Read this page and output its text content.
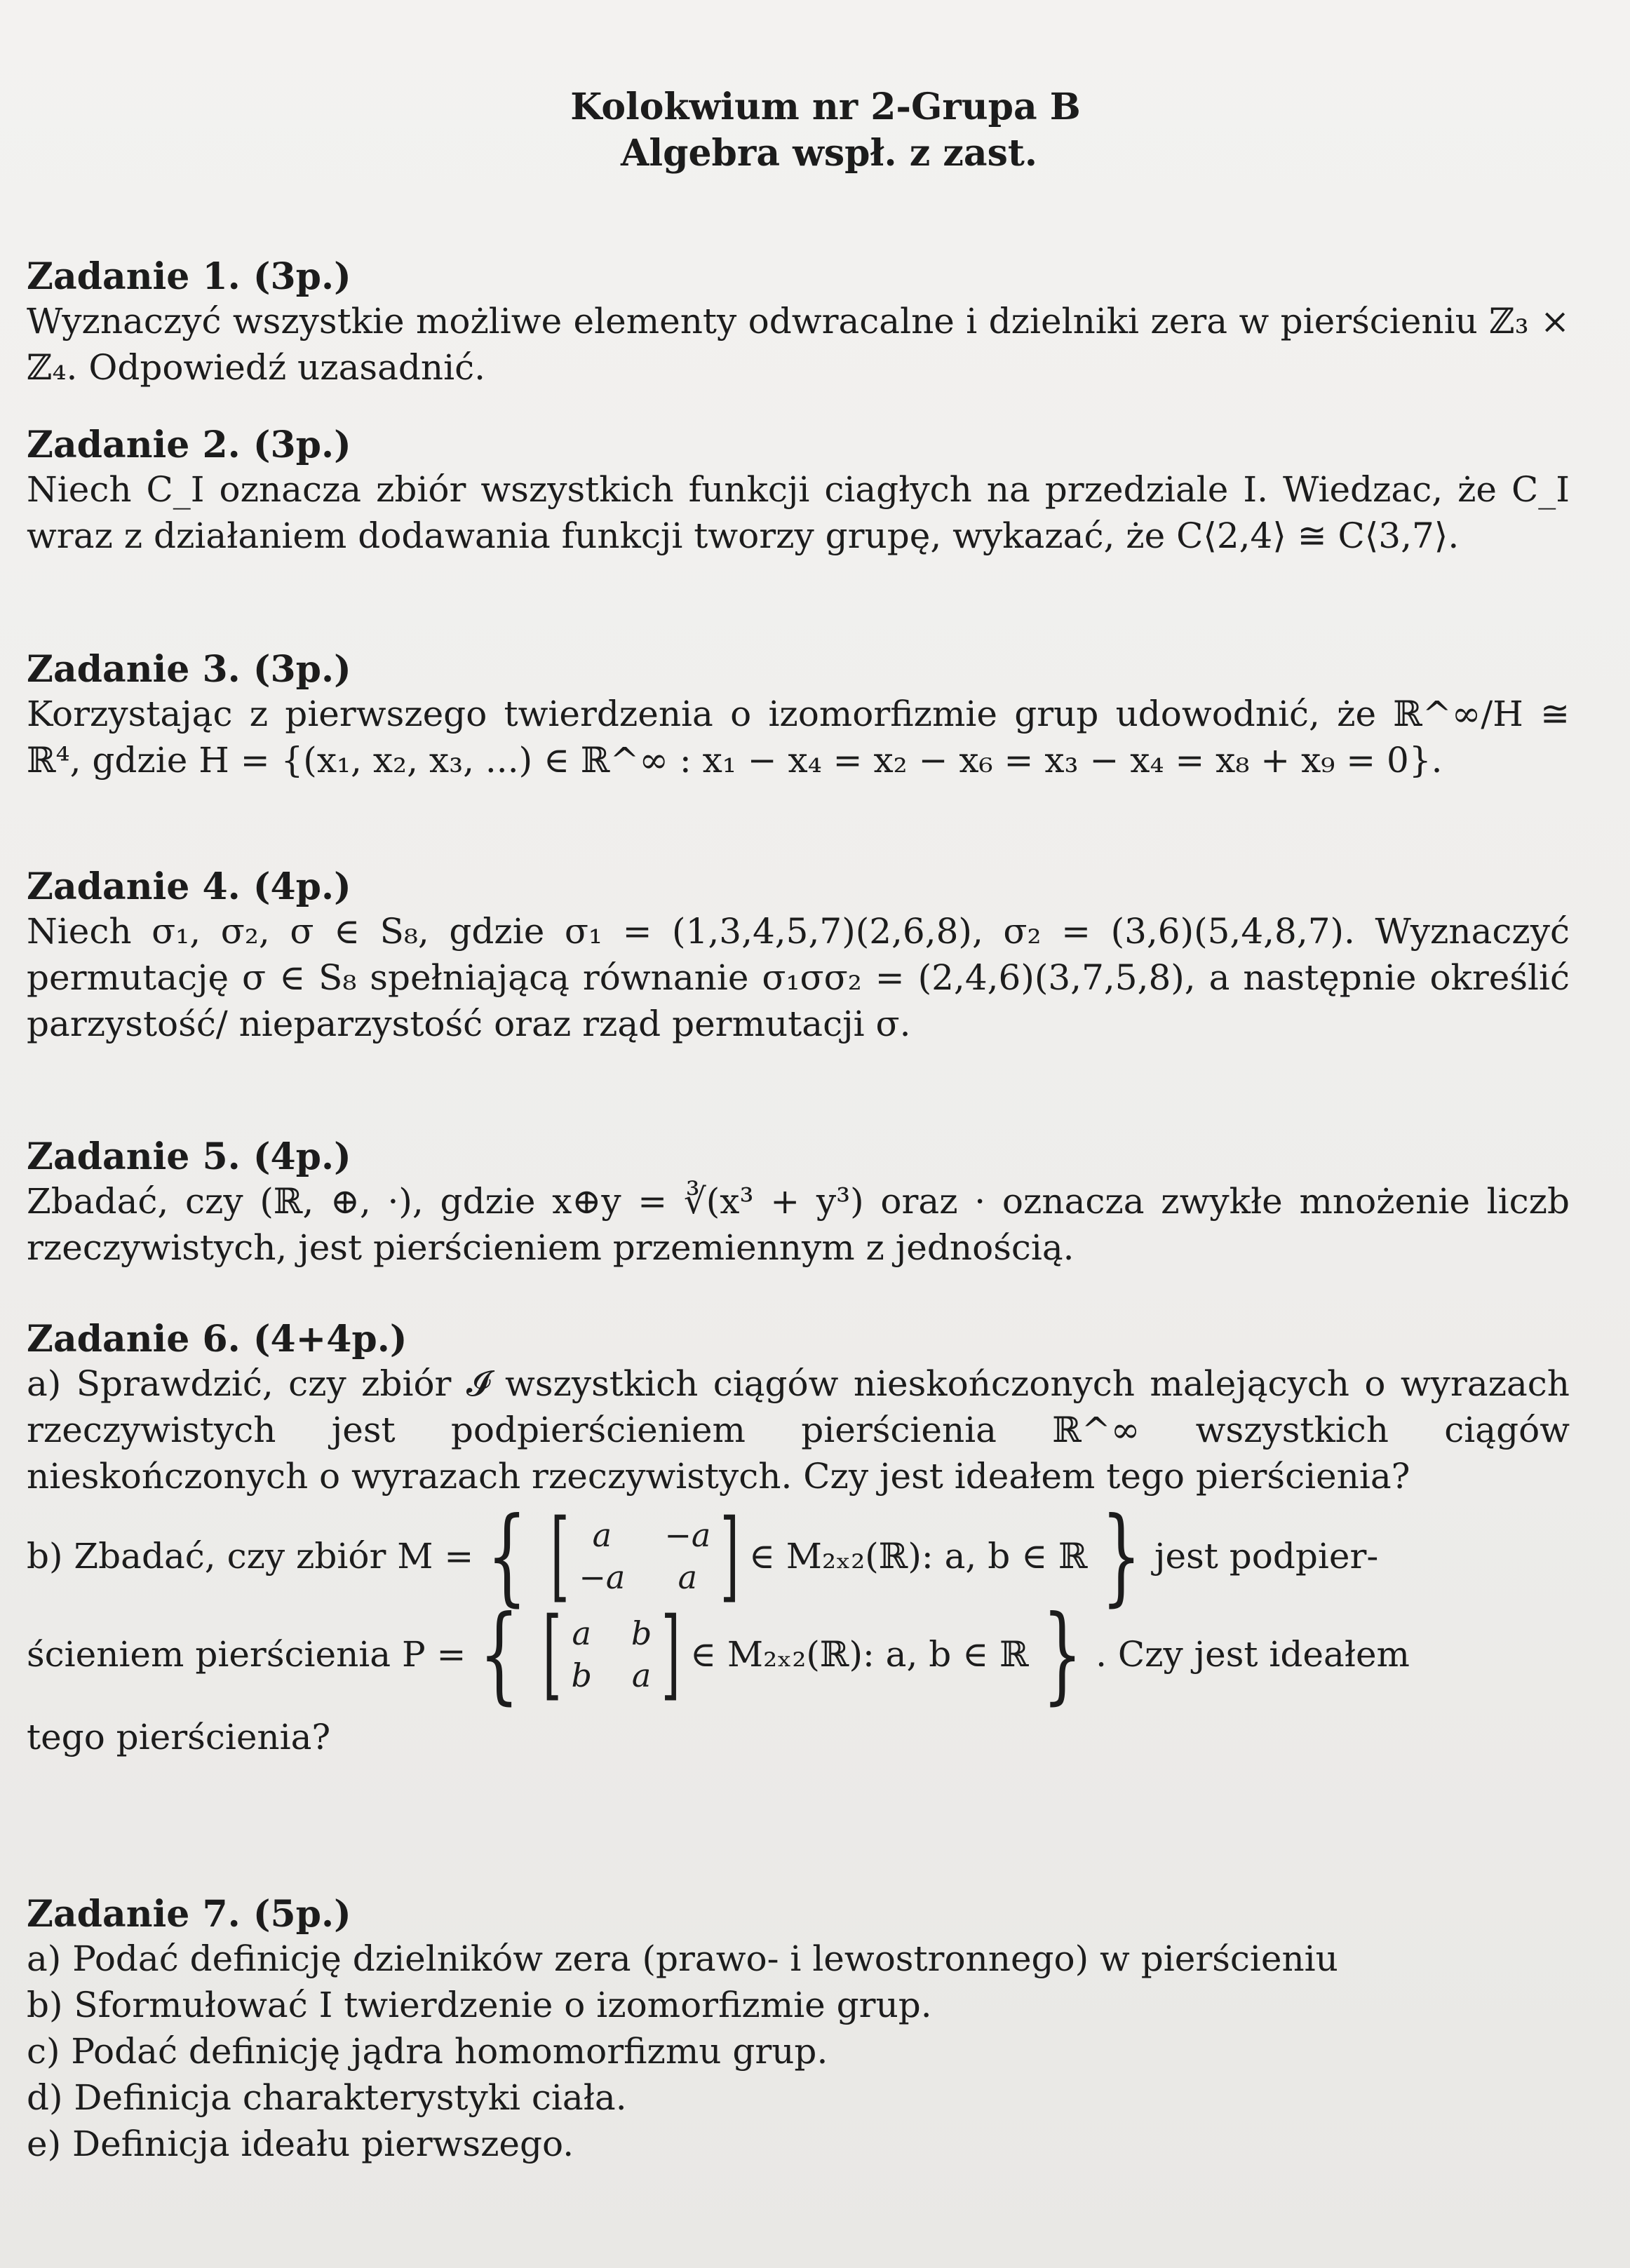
Kolokwium nr 2-Grupa B
Algebra wspł. z zast.
Zadanie 1. (3p.)
Wyznaczyć wszystkie możliwe elementy odwracalne i dzielniki zera w pierścieniu ℤ₃ × ℤ₄. Odpowiedź uzasadnić.
Zadanie 2. (3p.)
Niech C_I oznacza zbiór wszystkich funkcji ciagłych na przedziale I. Wiedzac, że C_I wraz z działaniem dodawania funkcji tworzy grupę, wykazać, że C⟨2,4⟩ ≅ C⟨3,7⟩.
Zadanie 3. (3p.)
Korzystając z pierwszego twierdzenia o izomorfizmie grup udowodnić, że ℝ^∞/H ≅ ℝ⁴, gdzie H = {(x₁, x₂, x₃, ...) ∈ ℝ^∞ : x₁ − x₄ = x₂ − x₆ = x₃ − x₄ = x₈ + x₉ = 0}.
Zadanie 4. (4p.)
Niech σ₁, σ₂, σ ∈ S₈, gdzie σ₁ = (1,3,4,5,7)(2,6,8), σ₂ = (3,6)(5,4,8,7). Wyznaczyć permutację σ ∈ S₈ spełniającą równanie σ₁σσ₂ = (2,4,6)(3,7,5,8), a następnie określić parzystość/ nieparzystość oraz rząd permutacji σ.
Zadanie 5. (4p.)
Zbadać, czy (ℝ, ⊕, ·), gdzie x⊕y = ∛(x³ + y³) oraz · oznacza zwykłe mnożenie liczb rzeczywistych, jest pierścieniem przemiennym z jednością.
Zadanie 6. (4+4p.)
a) Sprawdzić, czy zbiór 𝓘 wszystkich ciągów nieskończonych malejących o wyrazach rzeczywistych jest podpierścieniem pierścienia ℝ^∞ wszystkich ciągów nieskończonych o wyrazach rzeczywistych. Czy jest ideałem tego pierścienia?
b) Zbadać, czy zbiór M = { [ a	−a
−a	a ] ∈ M₂ₓ₂(ℝ): a, b ∈ ℝ } jest podpier-
ścieniem pierścienia P = { [ a b
b a ] ∈ M₂ₓ₂(ℝ): a, b ∈ ℝ } . Czy jest ideałem
tego pierścienia?
Zadanie 7. (5p.)
a) Podać definicję dzielników zera (prawo- i lewostronnego) w pierścieniu
b) Sformułować I twierdzenie o izomorfizmie grup.
c) Podać definicję jądra homomorfizmu grup.
d) Definicja charakterystyki ciała.
e) Definicja ideału pierwszego.
